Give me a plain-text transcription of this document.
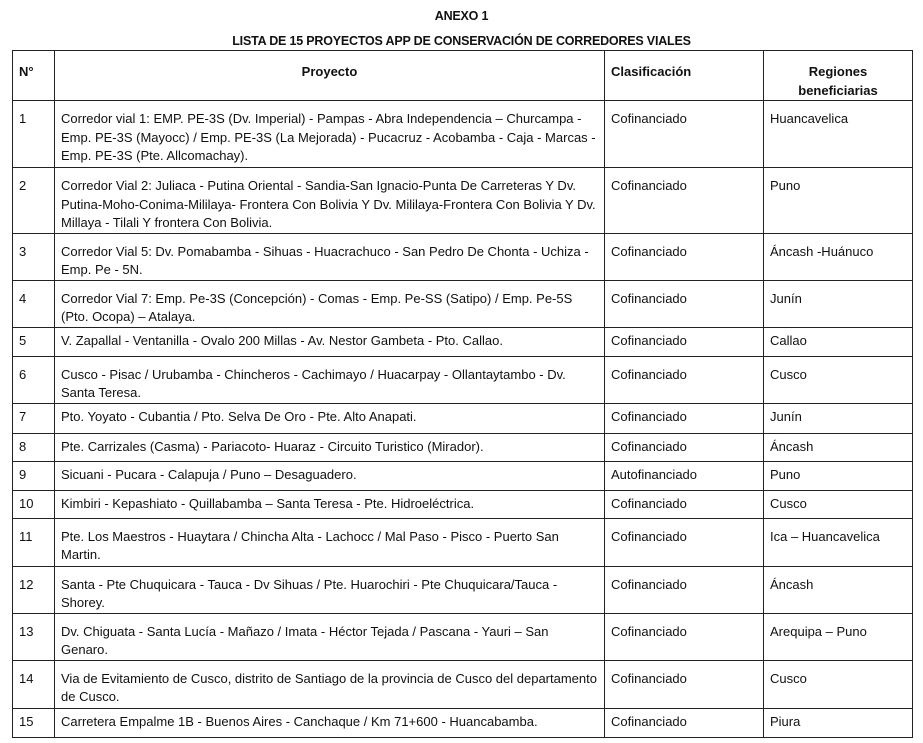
ANEXO 1
LISTA DE 15 PROYECTOS APP DE CONSERVACIÓN DE CORREDORES VIALES
N°	Proyecto	Clasificación	Regiones beneficiarias
1	Corredor vial 1: EMP. PE-3S (Dv. Imperial) - Pampas - Abra Independencia – Churcampa - Emp. PE-3S (Mayocc) / Emp. PE-3S (La Mejorada) - Pucacruz - Acobamba - Caja - Marcas - Emp. PE-3S (Pte. Allcomachay).	Cofinanciado	Huancavelica
2	Corredor Vial 2: Juliaca - Putina Oriental - Sandia-San Ignacio-Punta De Carreteras Y Dv. Putina-Moho-Conima-Mililaya- Frontera Con Bolivia Y Dv. Mililaya-Frontera Con Bolivia Y Dv. Millaya - Tilali Y frontera Con Bolivia.	Cofinanciado	Puno
3	Corredor Vial 5: Dv. Pomabamba - Sihuas - Huacrachuco - San Pedro De Chonta - Uchiza - Emp. Pe - 5N.	Cofinanciado	Áncash -Huánuco
4	Corredor Vial 7: Emp. Pe-3S (Concepción) - Comas - Emp. Pe-SS (Satipo) / Emp. Pe-5S (Pto. Ocopa) – Atalaya.	Cofinanciado	Junín
5	V. Zapallal - Ventanilla - Ovalo 200 Millas - Av. Nestor Gambeta - Pto. Callao.	Cofinanciado	Callao
6	Cusco - Pisac / Urubamba - Chincheros - Cachimayo / Huacarpay - Ollantaytambo - Dv. Santa Teresa.	Cofinanciado	Cusco
7	Pto. Yoyato - Cubantia / Pto. Selva De Oro - Pte. Alto Anapati.	Cofinanciado	Junín
8	Pte. Carrizales (Casma) - Pariacoto- Huaraz - Circuito Turistico (Mirador).	Cofinanciado	Áncash
9	Sicuani - Pucara - Calapuja / Puno – Desaguadero.	Autofinanciado	Puno
10	Kimbiri - Kepashiato - Quillabamba – Santa Teresa - Pte. Hidroeléctrica.	Cofinanciado	Cusco
11	Pte. Los Maestros - Huaytara / Chincha Alta - Lachocc / Mal Paso - Pisco - Puerto San Martin.	Cofinanciado	Ica – Huancavelica
12	Santa - Pte Chuquicara - Tauca - Dv Sihuas / Pte. Huarochiri - Pte Chuquicara/Tauca - Shorey.	Cofinanciado	Áncash
13	Dv. Chiguata - Santa Lucía - Mañazo / Imata - Héctor Tejada / Pascana - Yauri – San Genaro.	Cofinanciado	Arequipa – Puno
14	Via de Evitamiento de Cusco, distrito de Santiago de la provincia de Cusco del departamento de Cusco.	Cofinanciado	Cusco
15	Carretera Empalme 1B - Buenos Aires - Canchaque / Km 71+600 - Huancabamba.	Cofinanciado	Piura
